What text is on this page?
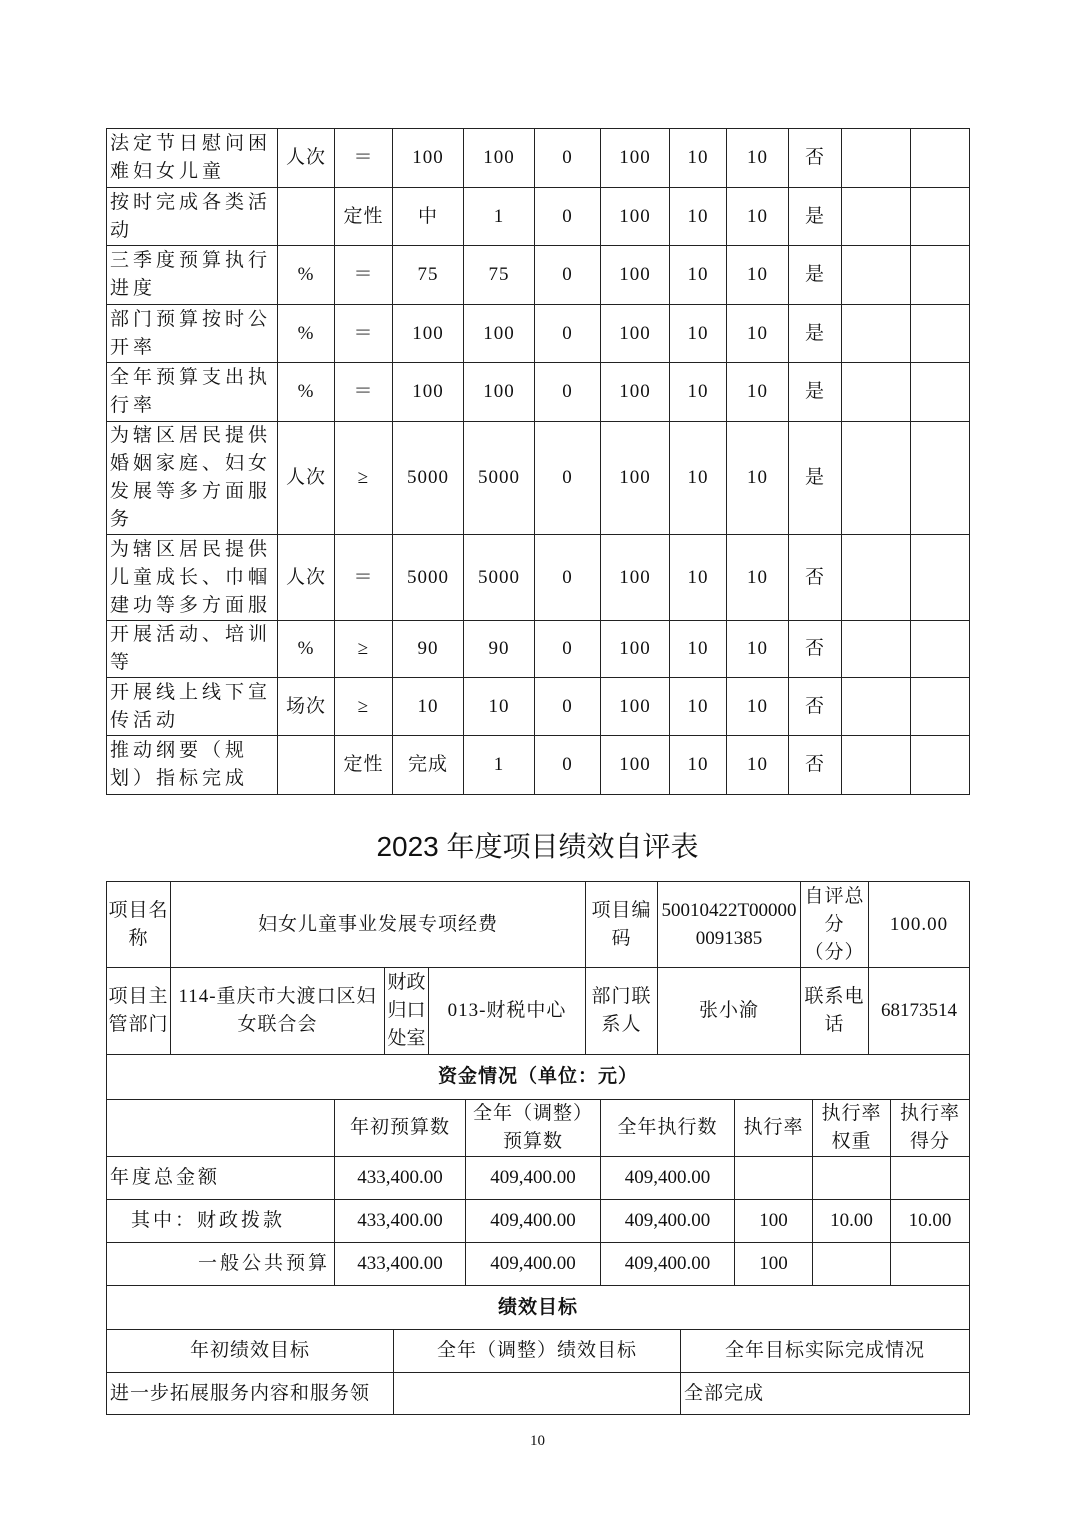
法定节日慰问困难妇女儿童	人次	＝	100	100	0	100	10	10	否		
按时完成各类活动		定性	中	1	0	100	10	10	是		
三季度预算执行进度	%	＝	75	75	0	100	10	10	是		
部门预算按时公开率	%	＝	100	100	0	100	10	10	是		
全年预算支出执行率	%	＝	100	100	0	100	10	10	是		
为辖区居民提供婚姻家庭、妇女发展等多方面服务	人次	≥	5000	5000	0	100	10	10	是		
为辖区居民提供儿童成长、巾帼建功等多方面服	人次	＝	5000	5000	0	100	10	10	否		
开展活动、培训等	%	≥	90	90	0	100	10	10	否		
开展线上线下宣传活动	场次	≥	10	10	0	100	10	10	否		
推动纲要（规划）指标完成		定性	完成	1	0	100	10	10	否		
2023 年度项目绩效自评表
项目名称	妇女儿童事业发展专项经费			项目编码	50010422T000000091385	自评总分（分）	100.00
项目主管部门	114-重庆市大渡口区妇女联合会	财政归口处室	013-财税中心	部门联系人	张小渝	联系电话	68173514
资金情况（单位：元）						
	年初预算数	全年（调整）预算数	全年执行数	执行率	执行率权重	执行率得分
年度总金额	433,400.00	409,400.00	409,400.00			
其中：财政拨款	433,400.00	409,400.00	409,400.00	100	10.00	10.00
一般公共预算	433,400.00	409,400.00	409,400.00	100		
绩效目标		
年初绩效目标	全年（调整）绩效目标	全年目标实际完成情况
进一步拓展服务内容和服务领		全部完成
10
